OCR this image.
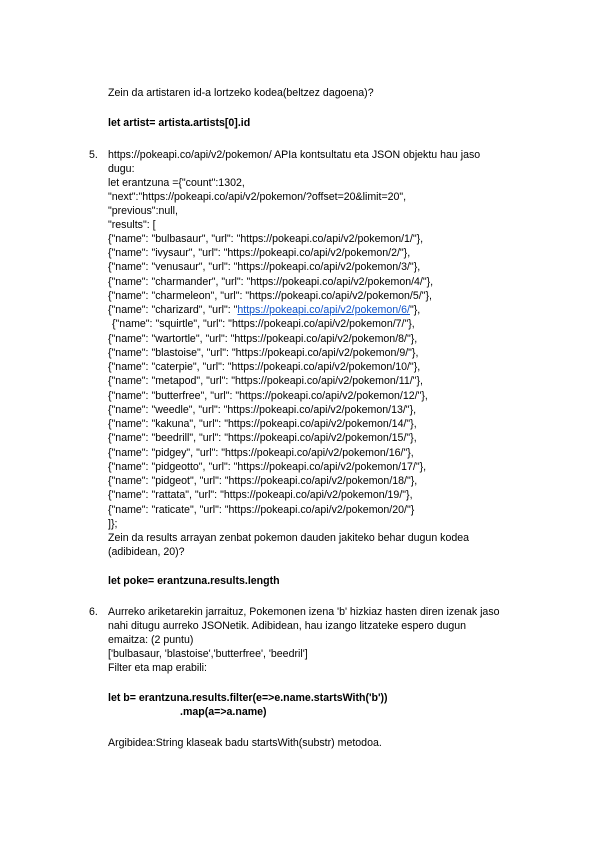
Zein da artistaren id-a lortzeko kodea(beltzez dagoena)?
let artist= artista.artists[0].id
5. https://pokeapi.co/api/v2/pokemon/ APIa kontsultatu eta JSON objektu hau jaso
dugu:
let erantzuna ={"count":1302,
"next":"https://pokeapi.co/api/v2/pokemon/?offset=20&limit=20",
"previous":null,
"results": [
{"name": "bulbasaur", "url": "https://pokeapi.co/api/v2/pokemon/1/"},
{"name": "ivysaur", "url": "https://pokeapi.co/api/v2/pokemon/2/"},
{"name": "venusaur", "url": "https://pokeapi.co/api/v2/pokemon/3/"},
{"name": "charmander", "url": "https://pokeapi.co/api/v2/pokemon/4/"},
{"name": "charmeleon", "url": "https://pokeapi.co/api/v2/pokemon/5/"},
{"name": "charizard", "url": "https://pokeapi.co/api/v2/pokemon/6/"},
{"name": "squirtle", "url": "https://pokeapi.co/api/v2/pokemon/7/"},
{"name": "wartortle", "url": "https://pokeapi.co/api/v2/pokemon/8/"},
{"name": "blastoise", "url": "https://pokeapi.co/api/v2/pokemon/9/"},
{"name": "caterpie", "url": "https://pokeapi.co/api/v2/pokemon/10/"},
{"name": "metapod", "url": "https://pokeapi.co/api/v2/pokemon/11/"},
{"name": "butterfree", "url": "https://pokeapi.co/api/v2/pokemon/12/"},
{"name": "weedle", "url": "https://pokeapi.co/api/v2/pokemon/13/"},
{"name": "kakuna", "url": "https://pokeapi.co/api/v2/pokemon/14/"},
{"name": "beedrill", "url": "https://pokeapi.co/api/v2/pokemon/15/"},
{"name": "pidgey", "url": "https://pokeapi.co/api/v2/pokemon/16/"},
{"name": "pidgeotto", "url": "https://pokeapi.co/api/v2/pokemon/17/"},
{"name": "pidgeot", "url": "https://pokeapi.co/api/v2/pokemon/18/"},
{"name": "rattata", "url": "https://pokeapi.co/api/v2/pokemon/19/"},
{"name": "raticate", "url": "https://pokeapi.co/api/v2/pokemon/20/"}
]};
Zein da results arrayan zenbat pokemon dauden jakiteko behar dugun kodea
(adibidean, 20)?
let poke= erantzuna.results.length
6. Aurreko ariketarekin jarraituz, Pokemonen izena 'b' hizkiaz hasten diren izenak jaso
nahi ditugu aurreko JSONetik. Adibidean, hau izango litzateke espero dugun
emaitza: (2 puntu)
['bulbasaur, 'blastoise','butterfree', 'beedril']
Filter eta map erabili:
let b= erantzuna.results.filter(e=>e.name.startsWith('b'))
.map(a=>a.name)
Argibidea:String klaseak badu startsWith(substr) metodoa.
